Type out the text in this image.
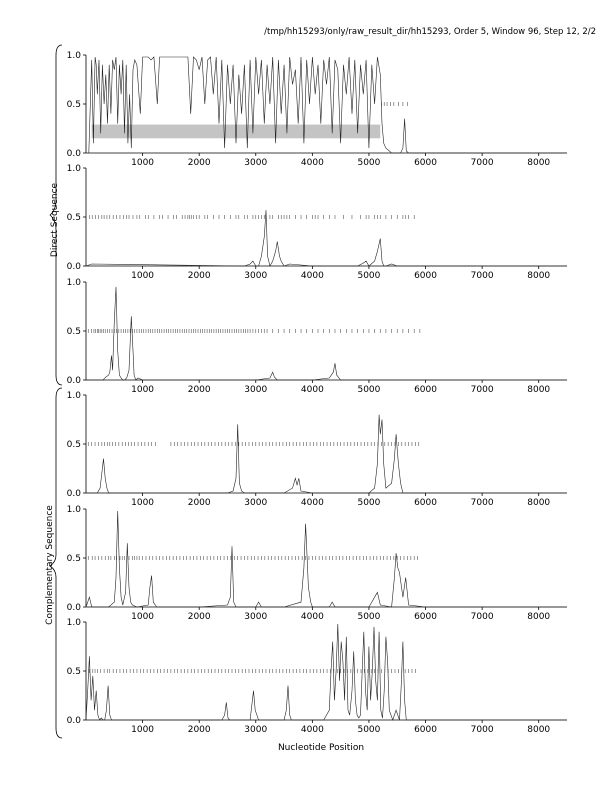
/tmp/hh15293/only/raw_result_dir/hh15293, Order 5, Window 96, Step 12, 2/2
0.0
0.5
1.0
1000	2000	3000	4000	5000	6000	7000	8000
0.0
0.5
1.0
1000	2000	3000	4000	5000	6000	7000	8000
0.0
0.5
1.0
1000	2000	3000	4000	5000	6000	7000	8000
0.0
0.5
1.0
1000	2000	3000	4000	5000	6000	7000	8000
0.0
0.5
1.0
1000	2000	3000	4000	5000	6000	7000	8000
0.0
0.5
1.0
1000	2000	3000	4000	5000	6000	7000	8000
Direct Sequence
Complementary Sequence
Nucleotide Position
